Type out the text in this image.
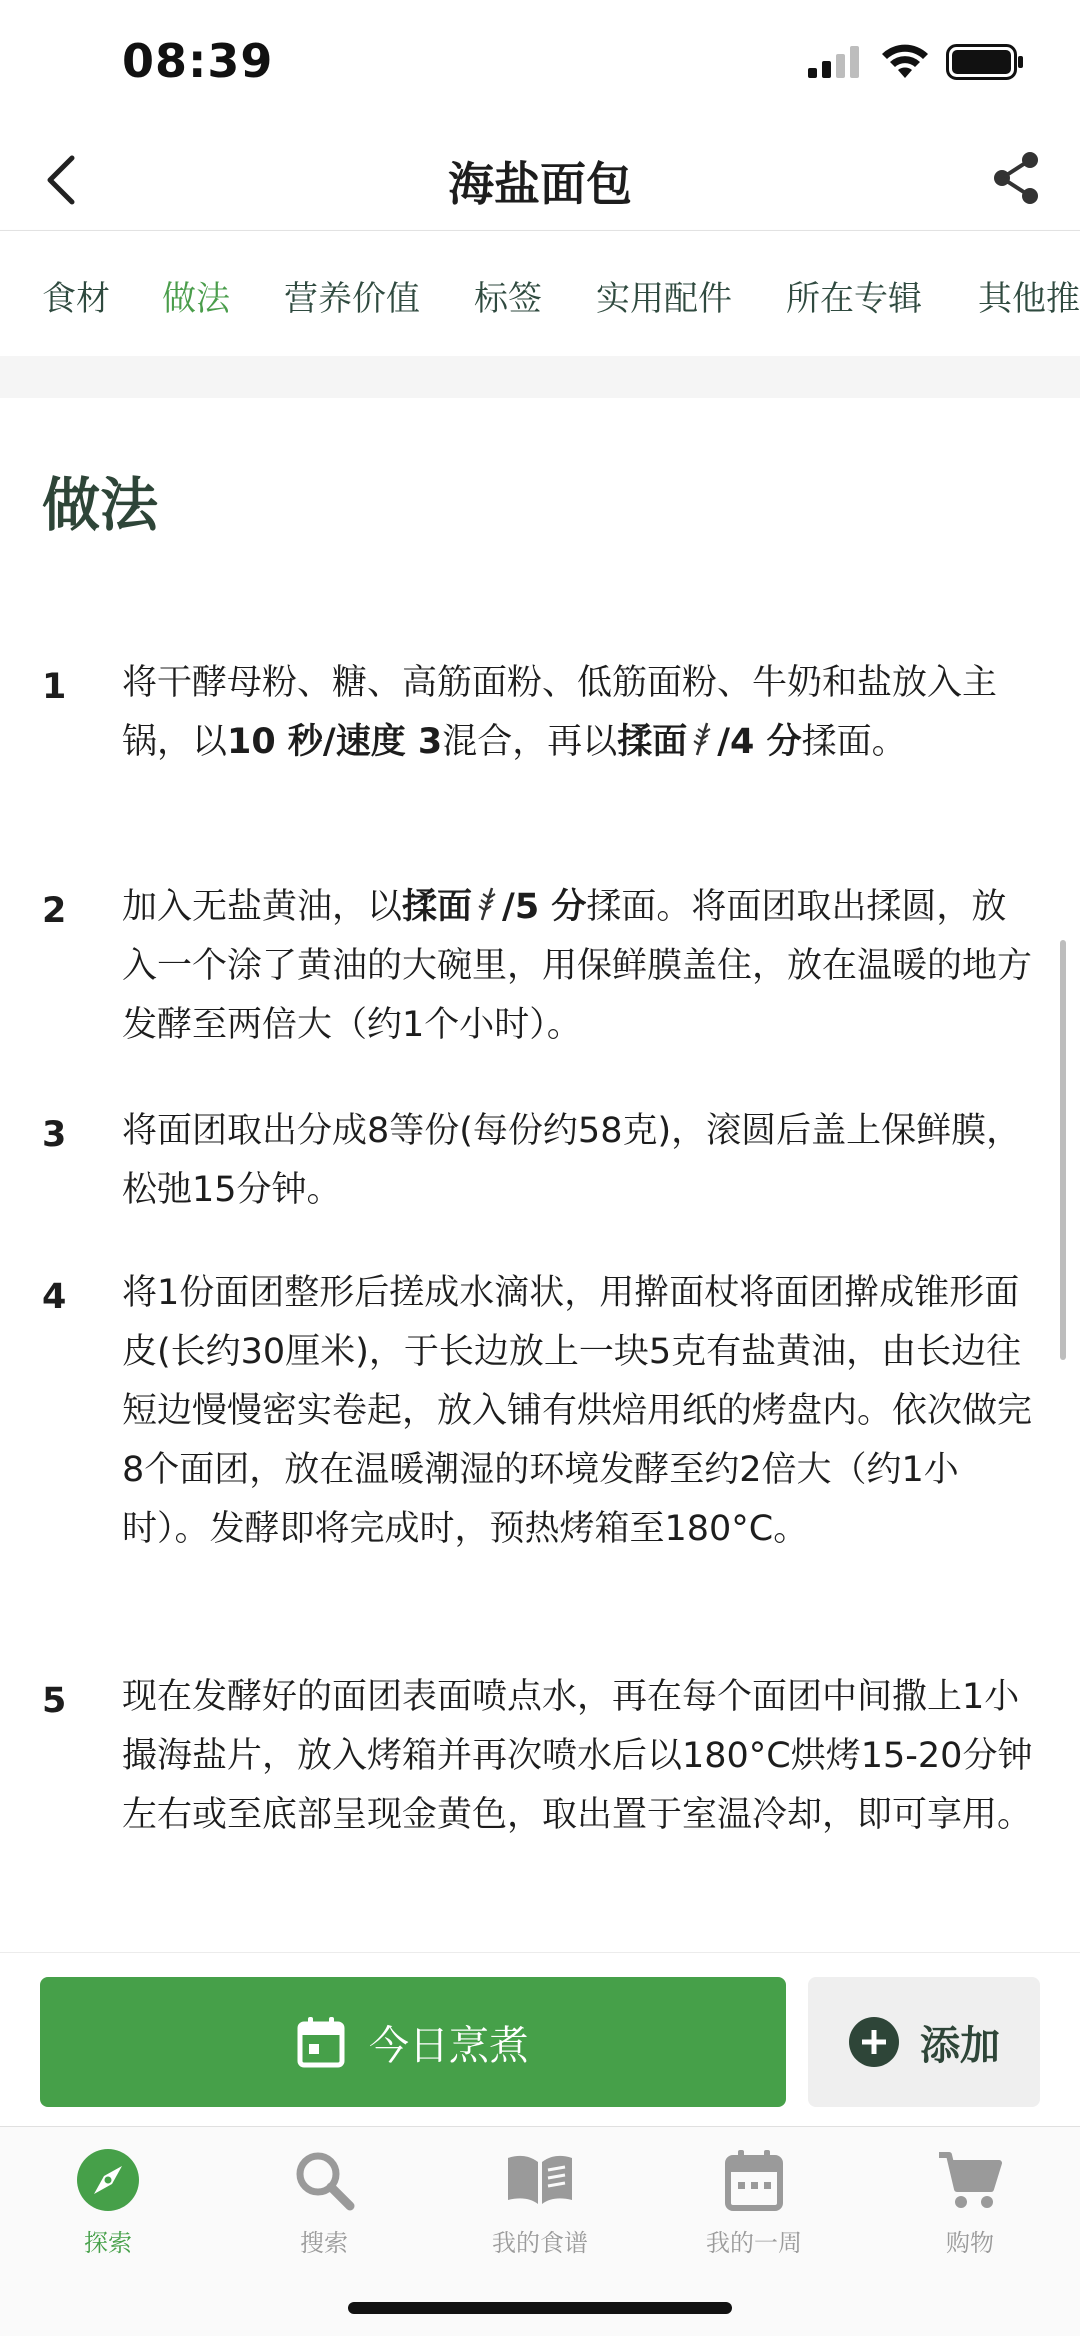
08:39
海盐面包
食材 做法 营养价值 标签 实用配件 所在专辑 其他推
做法
1 将干酵母粉、糖、高筋面粉、低筋面粉、牛奶和盐放入主锅，以10 秒/速度 3混合，再以揉面 /4 分揉面。
2 加入无盐黄油，以揉面 /5 分揉面。将面团取出揉圆，放入一个涂了黄油的大碗里，用保鲜膜盖住，放在温暖的地方发酵至两倍大（约1个小时）。
3 将面团取出分成8等份(每份约58克)，滚圆后盖上保鲜膜，松弛15分钟。
4 将1份面团整形后搓成水滴状，用擀面杖将面团擀成锥形面皮(长约30厘米)，于长边放上一块5克有盐黄油，由长边往短边慢慢密实卷起，放入铺有烘焙用纸的烤盘内。依次做完8个面团，放在温暖潮湿的环境发酵至约2倍大（约1小时）。发酵即将完成时，预热烤箱至180°C。
5 现在发酵好的面团表面喷点水，再在每个面团中间撒上1小撮海盐片，放入烤箱并再次喷水后以180°C烘烤15-20分钟左右或至底部呈现金黄色，取出置于室温冷却，即可享用。
今日烹煮	添加
探索	搜索	我的食谱	我的一周	购物
